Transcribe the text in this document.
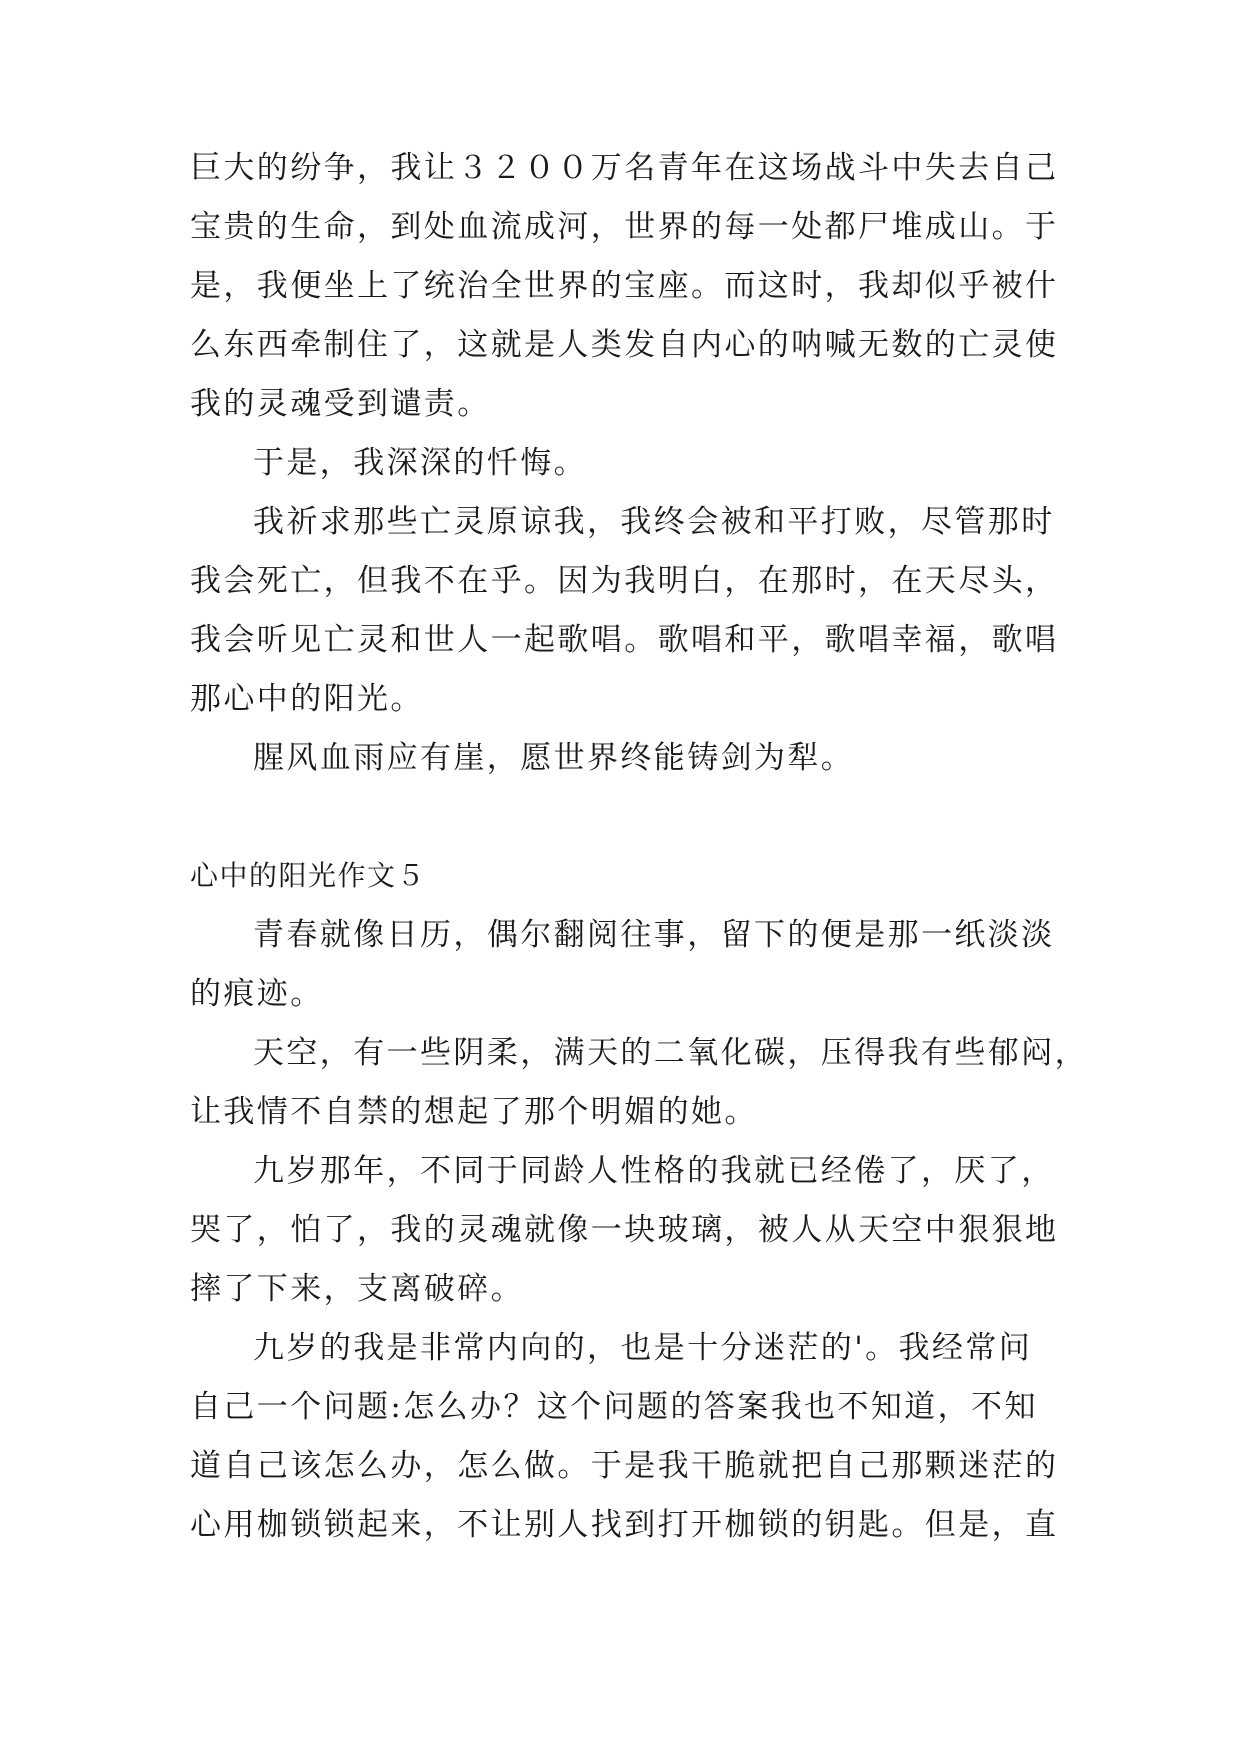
巨大的纷争，我让３２００万名青年在这场战斗中失去自己
宝贵的生命，到处血流成河，世界的每一处都尸堆成山。于
是，我便坐上了统治全世界的宝座。而这时，我却似乎被什
么东西牵制住了，这就是人类发自内心的呐喊无数的亡灵使
我的灵魂受到谴责。
于是，我深深的忏悔。
我祈求那些亡灵原谅我，我终会被和平打败，尽管那时
我会死亡，但我不在乎。因为我明白，在那时，在天尽头，
我会听见亡灵和世人一起歌唱。歌唱和平，歌唱幸福，歌唱
那心中的阳光。
腥风血雨应有崖，愿世界终能铸剑为犁。
心中的阳光作文５
青春就像日历，偶尔翻阅往事，留下的便是那一纸淡淡
的痕迹。
天空，有一些阴柔，满天的二氧化碳，压得我有些郁闷，
让我情不自禁的想起了那个明媚的她。
九岁那年，不同于同龄人性格的我就已经倦了，厌了，
哭了，怕了，我的灵魂就像一块玻璃，被人从天空中狠狠地
摔了下来，支离破碎。
九岁的我是非常内向的，也是十分迷茫的'。我经常问
自己一个问题:怎么办？这个问题的答案我也不知道，不知
道自己该怎么办，怎么做。于是我干脆就把自己那颗迷茫的
心用枷锁锁起来，不让别人找到打开枷锁的钥匙。但是，直
